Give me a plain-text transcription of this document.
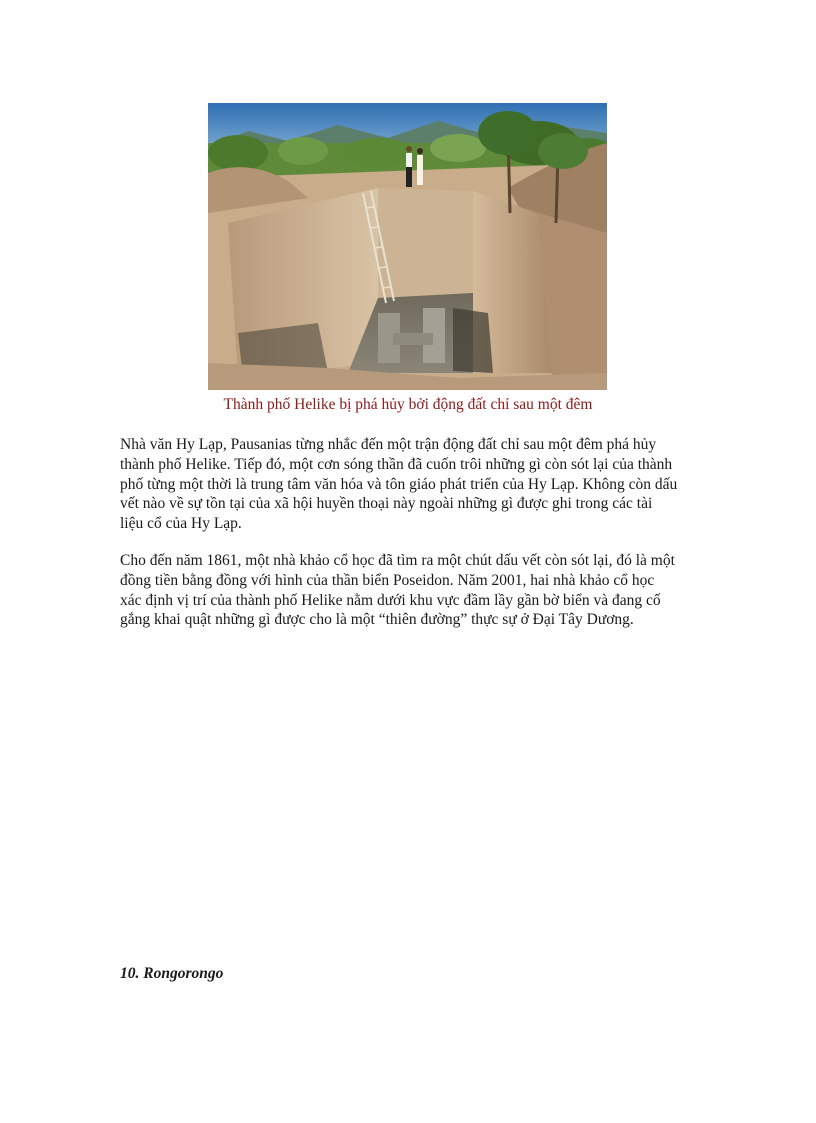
Thành phố Helike bị phá hủy bởi động đất chỉ sau một đêm

Nhà văn Hy Lạp, Pausanias từng nhắc đến một trận động đất chỉ sau một đêm phá hủy
thành phố Helike. Tiếp đó, một cơn sóng thần đã cuốn trôi những gì còn sót lại của thành
phố từng một thời là trung tâm văn hóa và tôn giáo phát triển của Hy Lạp. Không còn dấu
vết nào về sự tồn tại của xã hội huyền thoại này ngoài những gì được ghi trong các tài
liệu cổ của Hy Lạp.

Cho đến năm 1861, một nhà khảo cổ học đã tìm ra một chút dấu vết còn sót lại, đó là một
đồng tiền bằng đồng với hình của thần biển Poseidon. Năm 2001, hai nhà khảo cổ học
xác định vị trí của thành phố Helike nằm dưới khu vực đầm lầy gần bờ biển và đang cố
gắng khai quật những gì được cho là một “thiên đường” thực sự ở Đại Tây Dương.

10. Rongorongo
